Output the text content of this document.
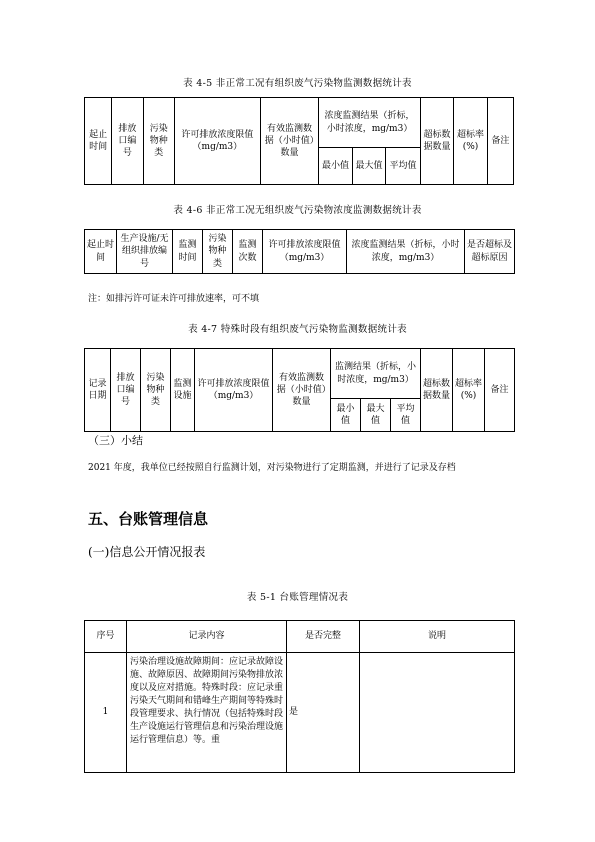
表 4-5 非正常工况有组织废气污染物监测数据统计表
起止时间	排放口编号	污染物种类	许可排放浓度限值（mg/m3）	有效监测数据（小时值）数量	浓度监测结果（折标，小时浓度，mg/m3）			超标数据数量	超标率(%)	备注
					最小值	最大值	平均值			
表 4-6 非正常工况无组织废气污染物浓度监测数据统计表
起止时间	生产设施/无组织排放编号	监测时间	污染物种类	监测次数	许可排放浓度限值（mg/m3）	浓度监测结果（折标，小时浓度，mg/m3）	是否超标及超标原因
注：如排污许可证未许可排放速率，可不填
表 4-7 特殊时段有组织废气污染物监测数据统计表
记录日期	排放口编号	污染物种类	监测设施	许可排放浓度限值（mg/m3）	有效监测数据（小时值）数量	监测结果（折标，小时浓度，mg/m3）			超标数据数量	超标率(%)	备注
						最小值	最大值	平均值			
（三）小结
2021 年度，我单位已经按照自行监测计划，对污染物进行了定期监测，并进行了记录及存档
五、台账管理信息
(一)信息公开情况报表
表 5-1 台账管理情况表
序号	记录内容	是否完整	说明
1	污染治理设施故障期间：应记录故障设施、故障原因、故障期间污染物排放浓度以及应对措施。特殊时段：应记录重污染天气期间和错峰生产期间等特殊时段管理要求、执行情况（包括特殊时段生产设施运行管理信息和污染治理设施运行管理信息）等。重	是	
